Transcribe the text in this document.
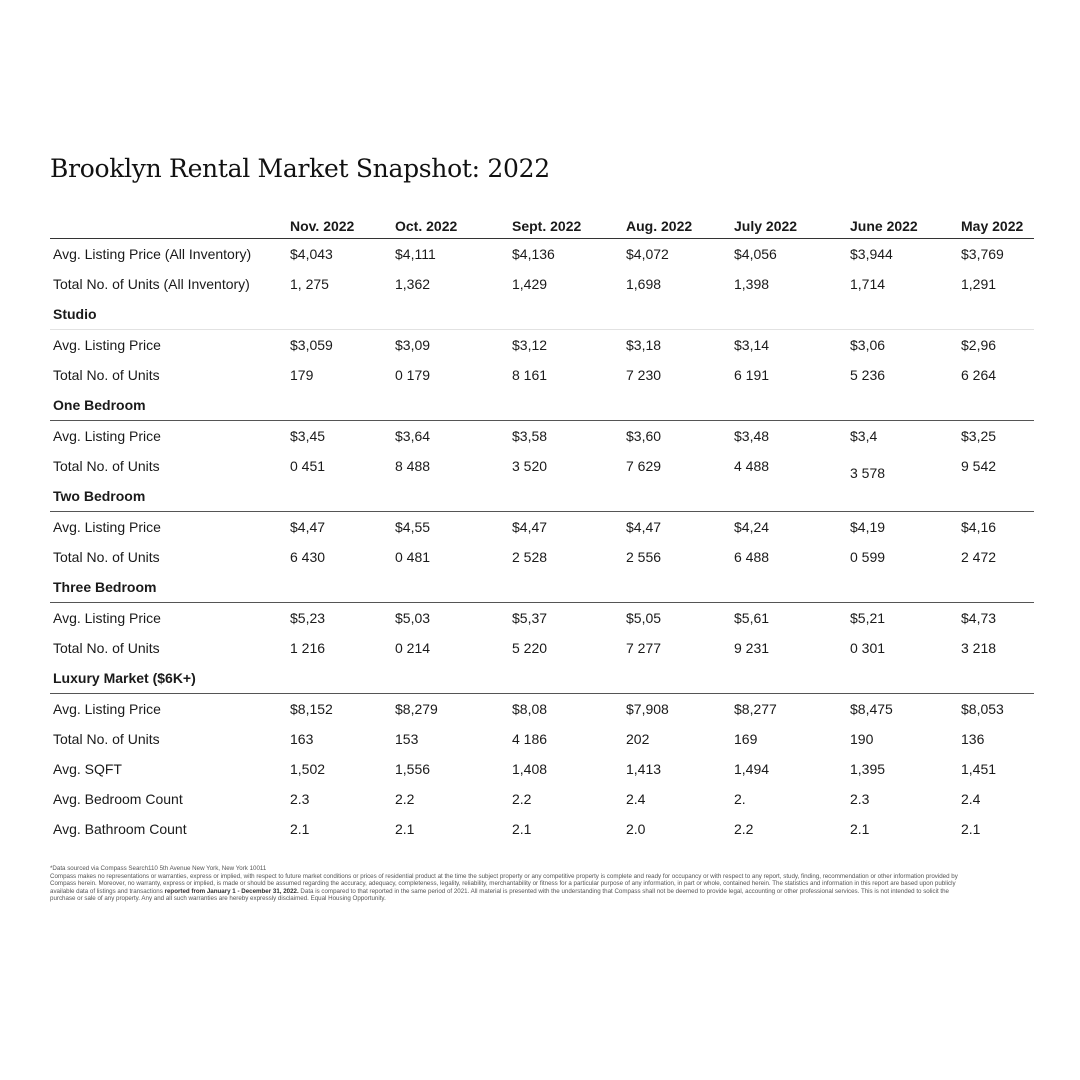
Brooklyn Rental Market Snapshot: 2022
Nov. 2022	Oct. 2022	Sept. 2022	Aug. 2022	July 2022	June 2022	May 2022
Avg. Listing Price (All Inventory)	$4,043	$4,111	$4,136	$4,072	$4,056	$3,944	$3,769
Total No. of Units (All Inventory)	1, 275	1,362	1,429	1,698	1,398	1,714	1,291
Studio
Avg. Listing Price	$3,059	$3,09	$3,12	$3,18	$3,14	$3,06	$2,96
Total No. of Units	179	0 179	8 161	7 230	6 191	5 236	6 264
One Bedroom
Avg. Listing Price	$3,45	$3,64	$3,58	$3,60	$3,48	$3,4	$3,25
Total No. of Units	0 451	8 488	3 520	7 629	4 488	3 578	9 542
Two Bedroom
Avg. Listing Price	$4,47	$4,55	$4,47	$4,47	$4,24	$4,19	$4,16
Total No. of Units	6 430	0 481	2 528	2 556	6 488	0 599	2 472
Three Bedroom
Avg. Listing Price	$5,23	$5,03	$5,37	$5,05	$5,61	$5,21	$4,73
Total No. of Units	1 216	0 214	5 220	7 277	9 231	0 301	3 218
Luxury Market ($6K+)
Avg. Listing Price	$8,152	$8,279	$8,08	$7,908	$8,277	$8,475	$8,053
Total No. of Units	163	153	4 186	202	169	190	136
Avg. SQFT	1,502	1,556	1,408	1,413	1,494	1,395	1,451
Avg. Bedroom Count	2.3	2.2	2.2	2.4	2.	2.3	2.4
Avg. Bathroom Count	2.1	2.1	2.1	2.0	2.2	2.1	2.1

*Data sourced via Compass Search110 5th Avenue New York, New York 10011

Compass makes no representations or warranties, express or implied, with respect to future market conditions or prices of residential product at the time the subject property or any competitive property is complete and ready for occupancy or with respect to any report, study, finding, recommendation or other information provided by Compass herein. Moreover, no warranty, express or implied, is made or should be assumed regarding the accuracy, adequacy, completeness, legality, reliability, merchantability or fitness for a particular purpose of any information, in part or whole, contained herein. The statistics and information in this report are based upon publicly available data of listings and transactions reported from January 1 - December 31, 2022. Data is compared to that reported in the same period of 2021. All material is presented with the understanding that Compass shall not be deemed to provide legal, accounting or other professional services. This is not intended to solicit the purchase or sale of any property. Any and all such warranties are hereby expressly disclaimed. Equal Housing Opportunity.
